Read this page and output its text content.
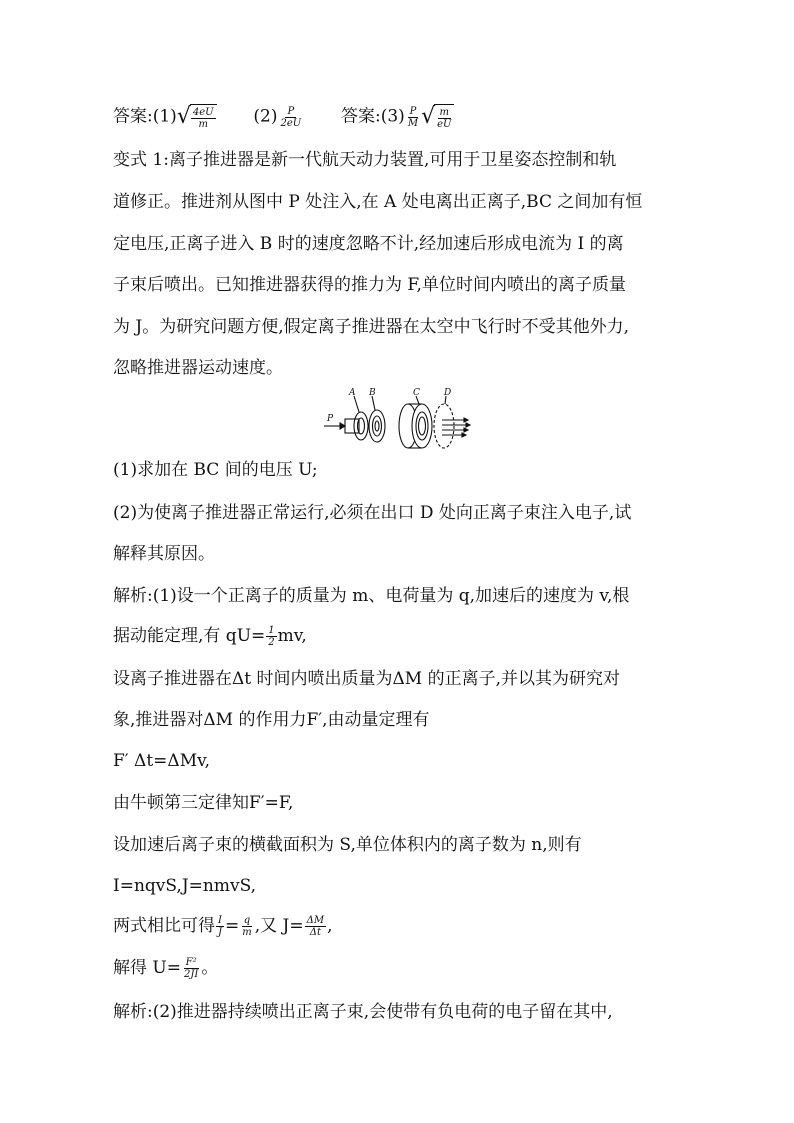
答案:(1) √ $\frac{4eU}{m} (2) \frac{P}{2eU}$ 答案:(3) $\frac{P}{M}$ √ $\frac{m}{eU}$
变式 1:离子推进器是新一代航天动力装置,可用于卫星姿态控制和轨
道修正。推进剂从图中 P 处注入,在 A 处电离出正离子,BC 之间加有恒
定电压,正离子进入 B 时的速度忽略不计,经加速后形成电流为 I 的离
子束后喷出。已知推进器获得的推力为 F,单位时间内喷出的离子质量
为 J。为研究问题方便,假定离子推进器在太空中飞行时不受其他外力,
忽略推进器运动速度。
A B	C	D
P
(1)求加在 BC 间的电压 U;
(2)为使离子推进器正常运行,必须在出口 D 处向正离子束注入电子,试
解释其原因。
解析:(1)设一个正离子的质量为 m、电荷量为 q,加速后的速度为 v,根
据动能定理,有 $qU= \frac{1}{2}$ mv,
设离子推进器在Δt 时间内喷出质量为ΔM 的正离子,并以其为研究对
象,推进器对ΔM 的作用力F′,由动量定理有
F′ Δt=ΔMv,
由牛顿第三定律知F′=F,
设加速后离子束的横截面积为 S,单位体积内的离子数为 n,则有
I=nqvS,J=nmvS,
两式相比可得 $\frac{I}{J} = \frac{q}{m}$ ,又 $J= \frac{\Delta M}{\Delta t}$ ,
解得 $U= \frac{\text{F²}}{2JI}$ 。
解析:(2)推进器持续喷出正离子束,会使带有负电荷的电子留在其中,
